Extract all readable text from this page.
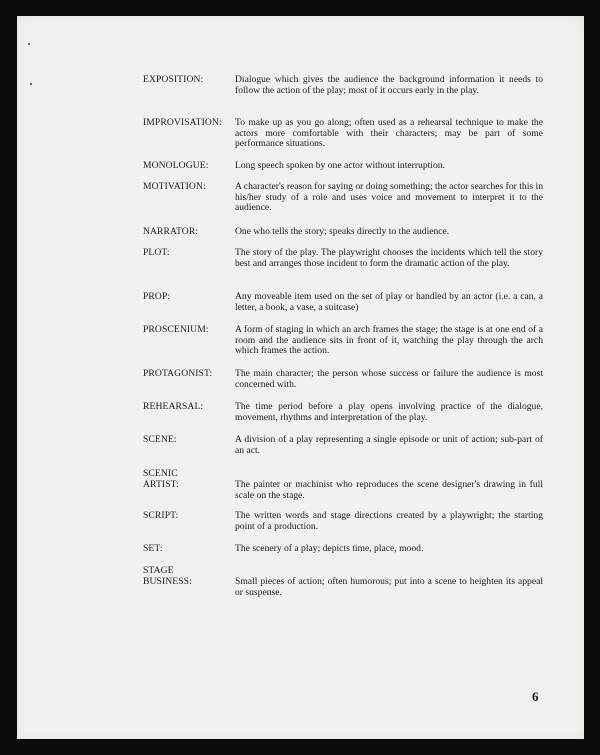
EXPOSITION:	Dialogue which gives the audience the background information it needs to follow the action of the play; most of it occurs early in the play.
IMPROVISATION:	To make up as you go along; often used as a rehearsal technique to make the actors more comfortable with their characters; may be part of some performance situations.
MONOLOGUE:	Long speech spoken by one actor without interruption.
MOTIVATION:	A character's reason for saying or doing something; the actor searches for this in his/her study of a role and uses voice and movement to interpret it to the audience.
NARRATOR:	One who tells the story; speaks directly to the audience.
PLOT:	The story of the play. The playwright chooses the incidents which tell the story best and arranges those incident to form the dramatic action of the play.
PROP:	Any moveable item used on the set of play or handled by an actor (i.e. a can, a letter, a book, a vase, a suitcase)
PROSCENIUM:	A form of staging in which an arch frames the stage; the stage is at one end of a room and the audience sits in front of it, watching the play through the arch which frames the action.
PROTAGONIST:	The main character; the person whose success or failure the audience is most concerned with.
REHEARSAL:	The time period before a play opens involving practice of the dialogue, movement, rhythms and interpretation of the play.
SCENE:	A division of a play representing a single episode or unit of action; sub-part of an act.
SCENIC
ARTIST:	The painter or machinist who reproduces the scene designer's drawing in full scale on the stage.
SCRIPT:	The written words and stage directions created by a playwright; the starting point of a production.
SET:	The scenery of a play; depicts time, place, mood.
STAGE
BUSINESS:	Small pieces of action; often humorous; put into a scene to heighten its appeal or suspense.
6
